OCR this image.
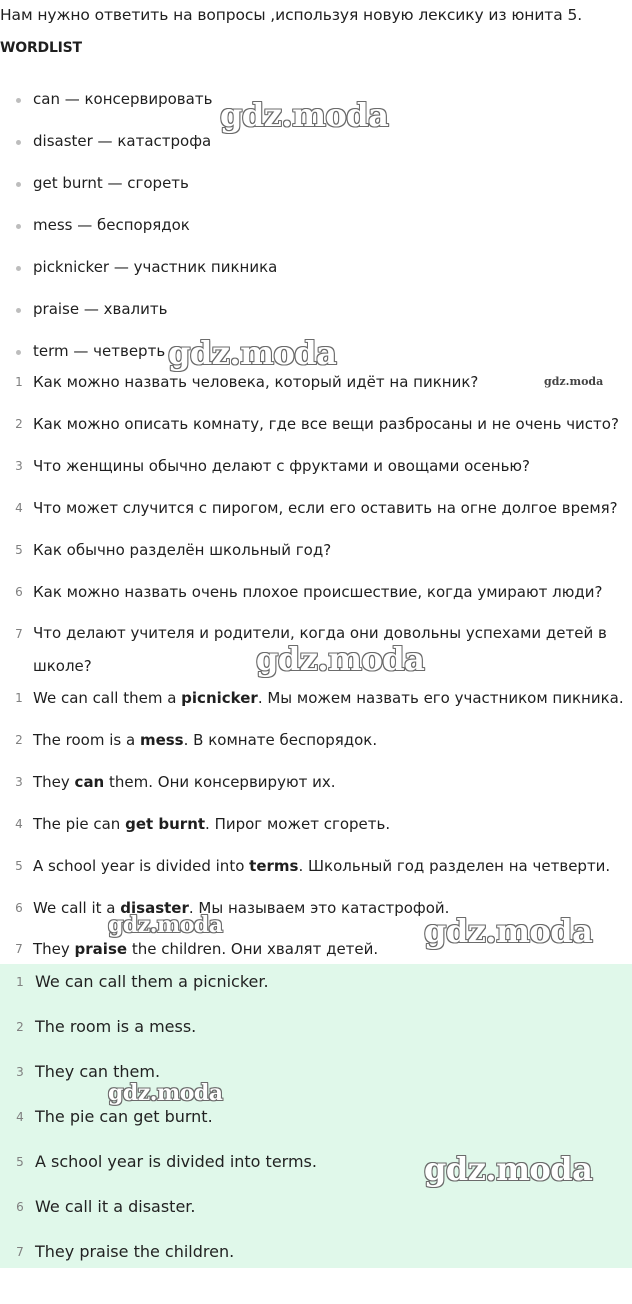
Нам нужно ответить на вопросы ,используя новую лексику из юнита 5.
WORDLIST
can — консервировать
disaster — катастрофа
get burnt — сгореть
mess — беспорядок
picknicker — участник пикника
praise — хвалить
term — четверть
1 Как можно назвать человека, который идёт на пикник?
2 Как можно описать комнату, где все вещи разбросаны и не очень чисто?
3 Что женщины обычно делают с фруктами и овощами осенью?
4 Что может случится с пирогом, если его оставить на огне долгое время?
5 Как обычно разделён школьный год?
6 Как можно назвать очень плохое происшествие, когда умирают люди?
7 Что делают учителя и родители, когда они довольны успехами детей в школе?
1 We can call them a picnicker. Мы можем назвать его участником пикника.
2 The room is a mess. В комнате беспорядок.
3 They can them. Они консервируют их.
4 The pie can get burnt. Пирог может сгореть.
5 A school year is divided into terms. Школьный год разделен на четверти.
6 We call it a disaster. Мы называем это катастрофой.
7 They praise the children. Они хвалят детей.
1 We can call them a picnicker.
2 The room is a mess.
3 They can them.
4 The pie can get burnt.
5 A school year is divided into terms.
6 We call it a disaster.
7 They praise the children.
gdz.moda
gdz.moda
gdz.moda
gdz.moda
gdz.moda	gdz.moda
gdz.moda
gdz.moda
